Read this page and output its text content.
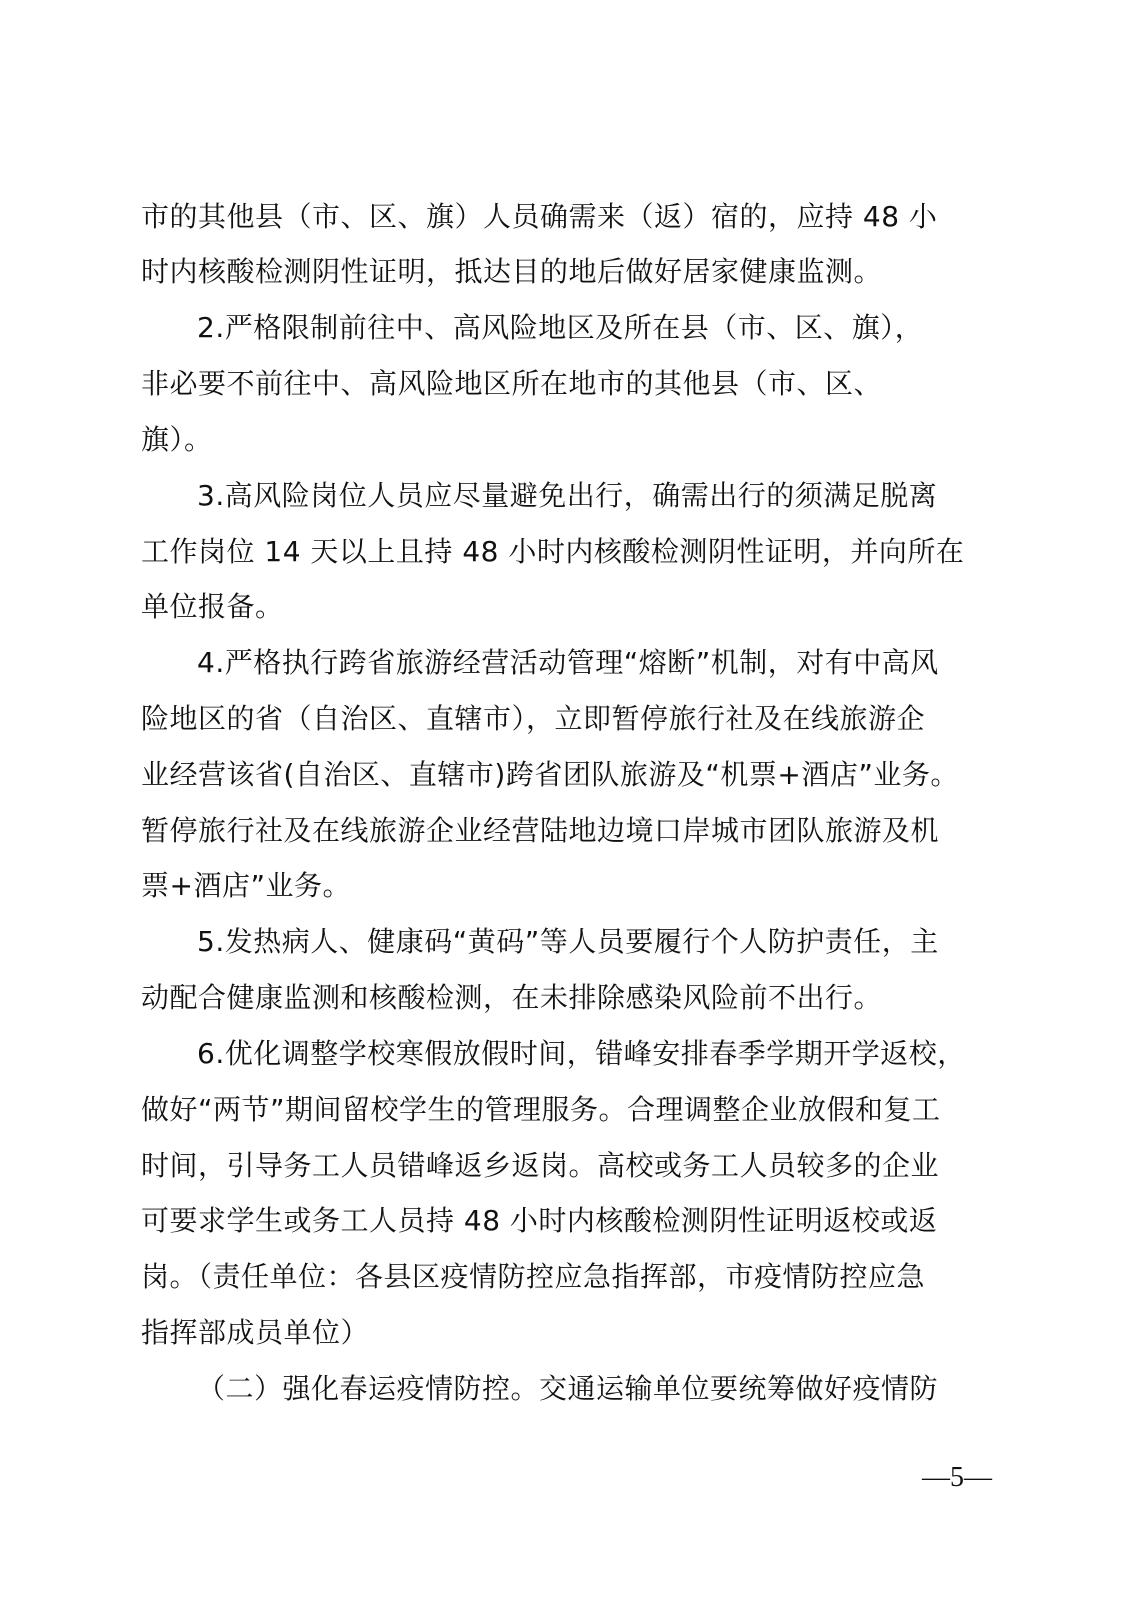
市的其他县（市、区、旗）人员确需来（返）宿的，应持 48 小
时内核酸检测阴性证明，抵达目的地后做好居家健康监测。
2.严格限制前往中、高风险地区及所在县（市、区、旗），
非必要不前往中、高风险地区所在地市的其他县（市、区、
旗）。
3.高风险岗位人员应尽量避免出行，确需出行的须满足脱离
工作岗位 14 天以上且持 48 小时内核酸检测阴性证明，并向所在
单位报备。
4.严格执行跨省旅游经营活动管理“熔断”机制，对有中高风
险地区的省（自治区、直辖市），立即暂停旅行社及在线旅游企
业经营该省(自治区、直辖市)跨省团队旅游及“机票+酒店”业务。
暂停旅行社及在线旅游企业经营陆地边境口岸城市团队旅游及机
票+酒店”业务。
5.发热病人、健康码“黄码”等人员要履行个人防护责任，主
动配合健康监测和核酸检测，在未排除感染风险前不出行。
6.优化调整学校寒假放假时间，错峰安排春季学期开学返校，
做好“两节”期间留校学生的管理服务。合理调整企业放假和复工
时间，引导务工人员错峰返乡返岗。高校或务工人员较多的企业
可要求学生或务工人员持 48 小时内核酸检测阴性证明返校或返
岗。（责任单位：各县区疫情防控应急指挥部，市疫情防控应急
指挥部成员单位）
（二）强化春运疫情防控。交通运输单位要统筹做好疫情防
—5—
